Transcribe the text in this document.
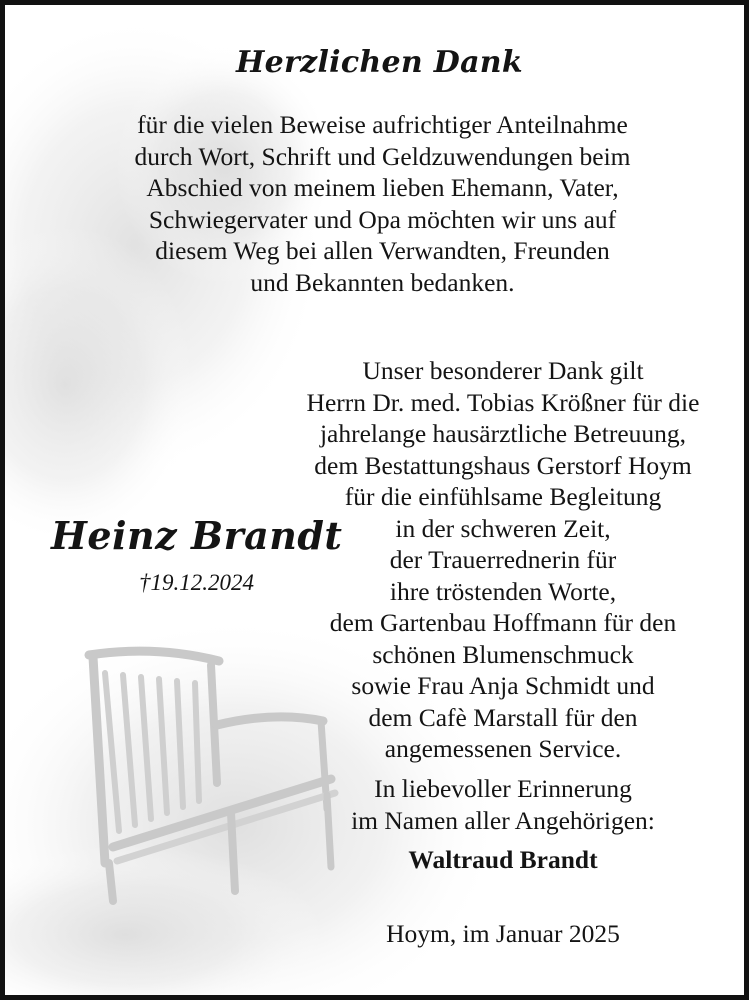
Herzlichen Dank
für die vielen Beweise aufrichtiger Anteilnahme
durch Wort, Schrift und Geldzuwendungen beim
Abschied von meinem lieben Ehemann, Vater,
Schwiegervater und Opa möchten wir uns auf
diesem Weg bei allen Verwandten, Freunden
und Bekannten bedanken.
Unser besonderer Dank gilt
Herrn Dr. med. Tobias Krößner für die
jahrelange hausärztliche Betreuung,
dem Bestattungshaus Gerstorf Hoym
für die einfühlsame Begleitung
in der schweren Zeit,
der Trauerrednerin für
ihre tröstenden Worte,
dem Gartenbau Hoffmann für den
schönen Blumenschmuck
sowie Frau Anja Schmidt und
dem Cafè Marstall für den
angemessenen Service.
In liebevoller Erinnerung
im Namen aller Angehörigen:
Waltraud Brandt
Hoym, im Januar 2025
Heinz Brandt
†19.12.2024
